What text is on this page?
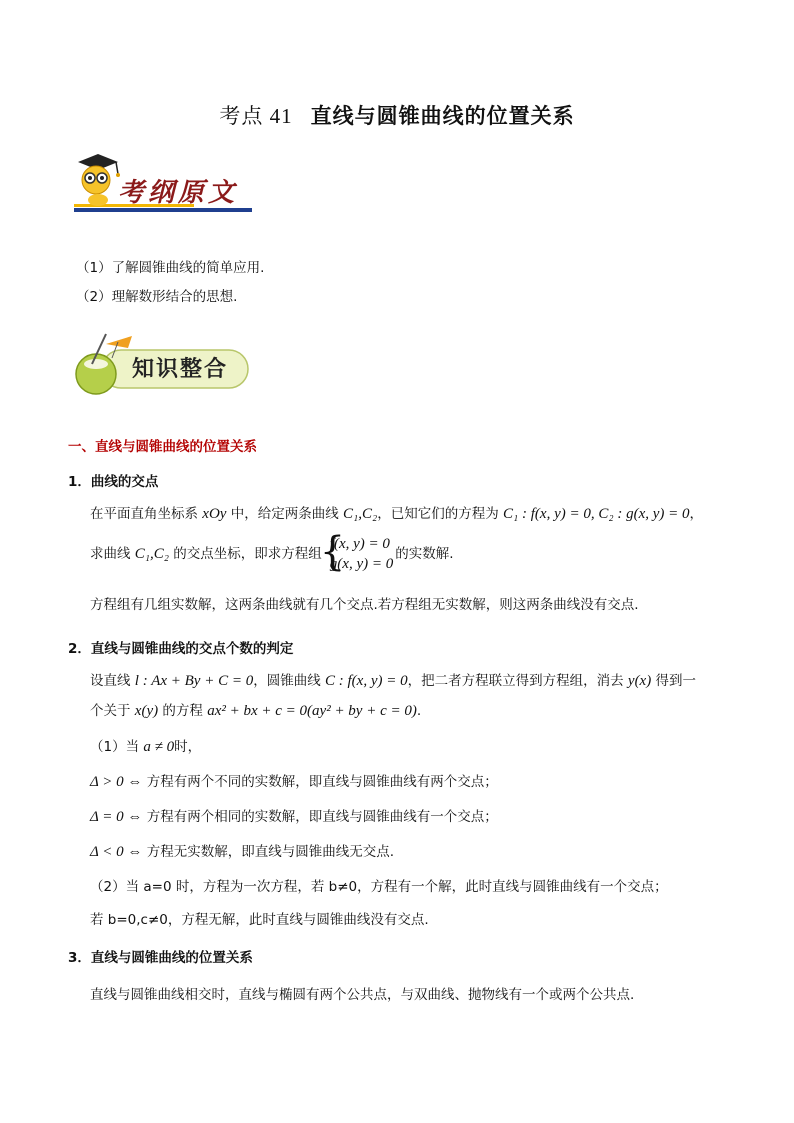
考点 41 直线与圆锥曲线的位置关系
考纲原文
（1）了解圆锥曲线的简单应用.
（2）理解数形结合的思想.
知识整合
一、直线与圆锥曲线的位置关系
1．曲线的交点
在平面直角坐标系 xOy 中，给定两条曲线 C₁,C₂，已知它们的方程为 C₁ : f(x, y) = 0, C₂ : g(x, y) = 0，
求曲线 C₁,C₂ 的交点坐标，即求方程组
{
f(x, y) = 0
g(x, y) = 0
的实数解.
方程组有几组实数解，这两条曲线就有几个交点.若方程组无实数解，则这两条曲线没有交点.
2．直线与圆锥曲线的交点个数的判定
设直线 l : Ax + By + C = 0，圆锥曲线 C : f(x, y) = 0，把二者方程联立得到方程组，消去 y(x) 得到一
个关于 x(y) 的方程 ax² + bx + c = 0(ay² + by + c = 0).
（1）当 a ≠ 0时，
Δ > 0 ⇔ 方程有两个不同的实数解，即直线与圆锥曲线有两个交点；
Δ = 0 ⇔ 方程有两个相同的实数解，即直线与圆锥曲线有一个交点；
Δ < 0 ⇔ 方程无实数解，即直线与圆锥曲线无交点.
（2）当 a=0 时，方程为一次方程，若 b≠0，方程有一个解，此时直线与圆锥曲线有一个交点；
若 b=0,c≠0，方程无解，此时直线与圆锥曲线没有交点.
3．直线与圆锥曲线的位置关系
直线与圆锥曲线相交时，直线与椭圆有两个公共点，与双曲线、抛物线有一个或两个公共点.
